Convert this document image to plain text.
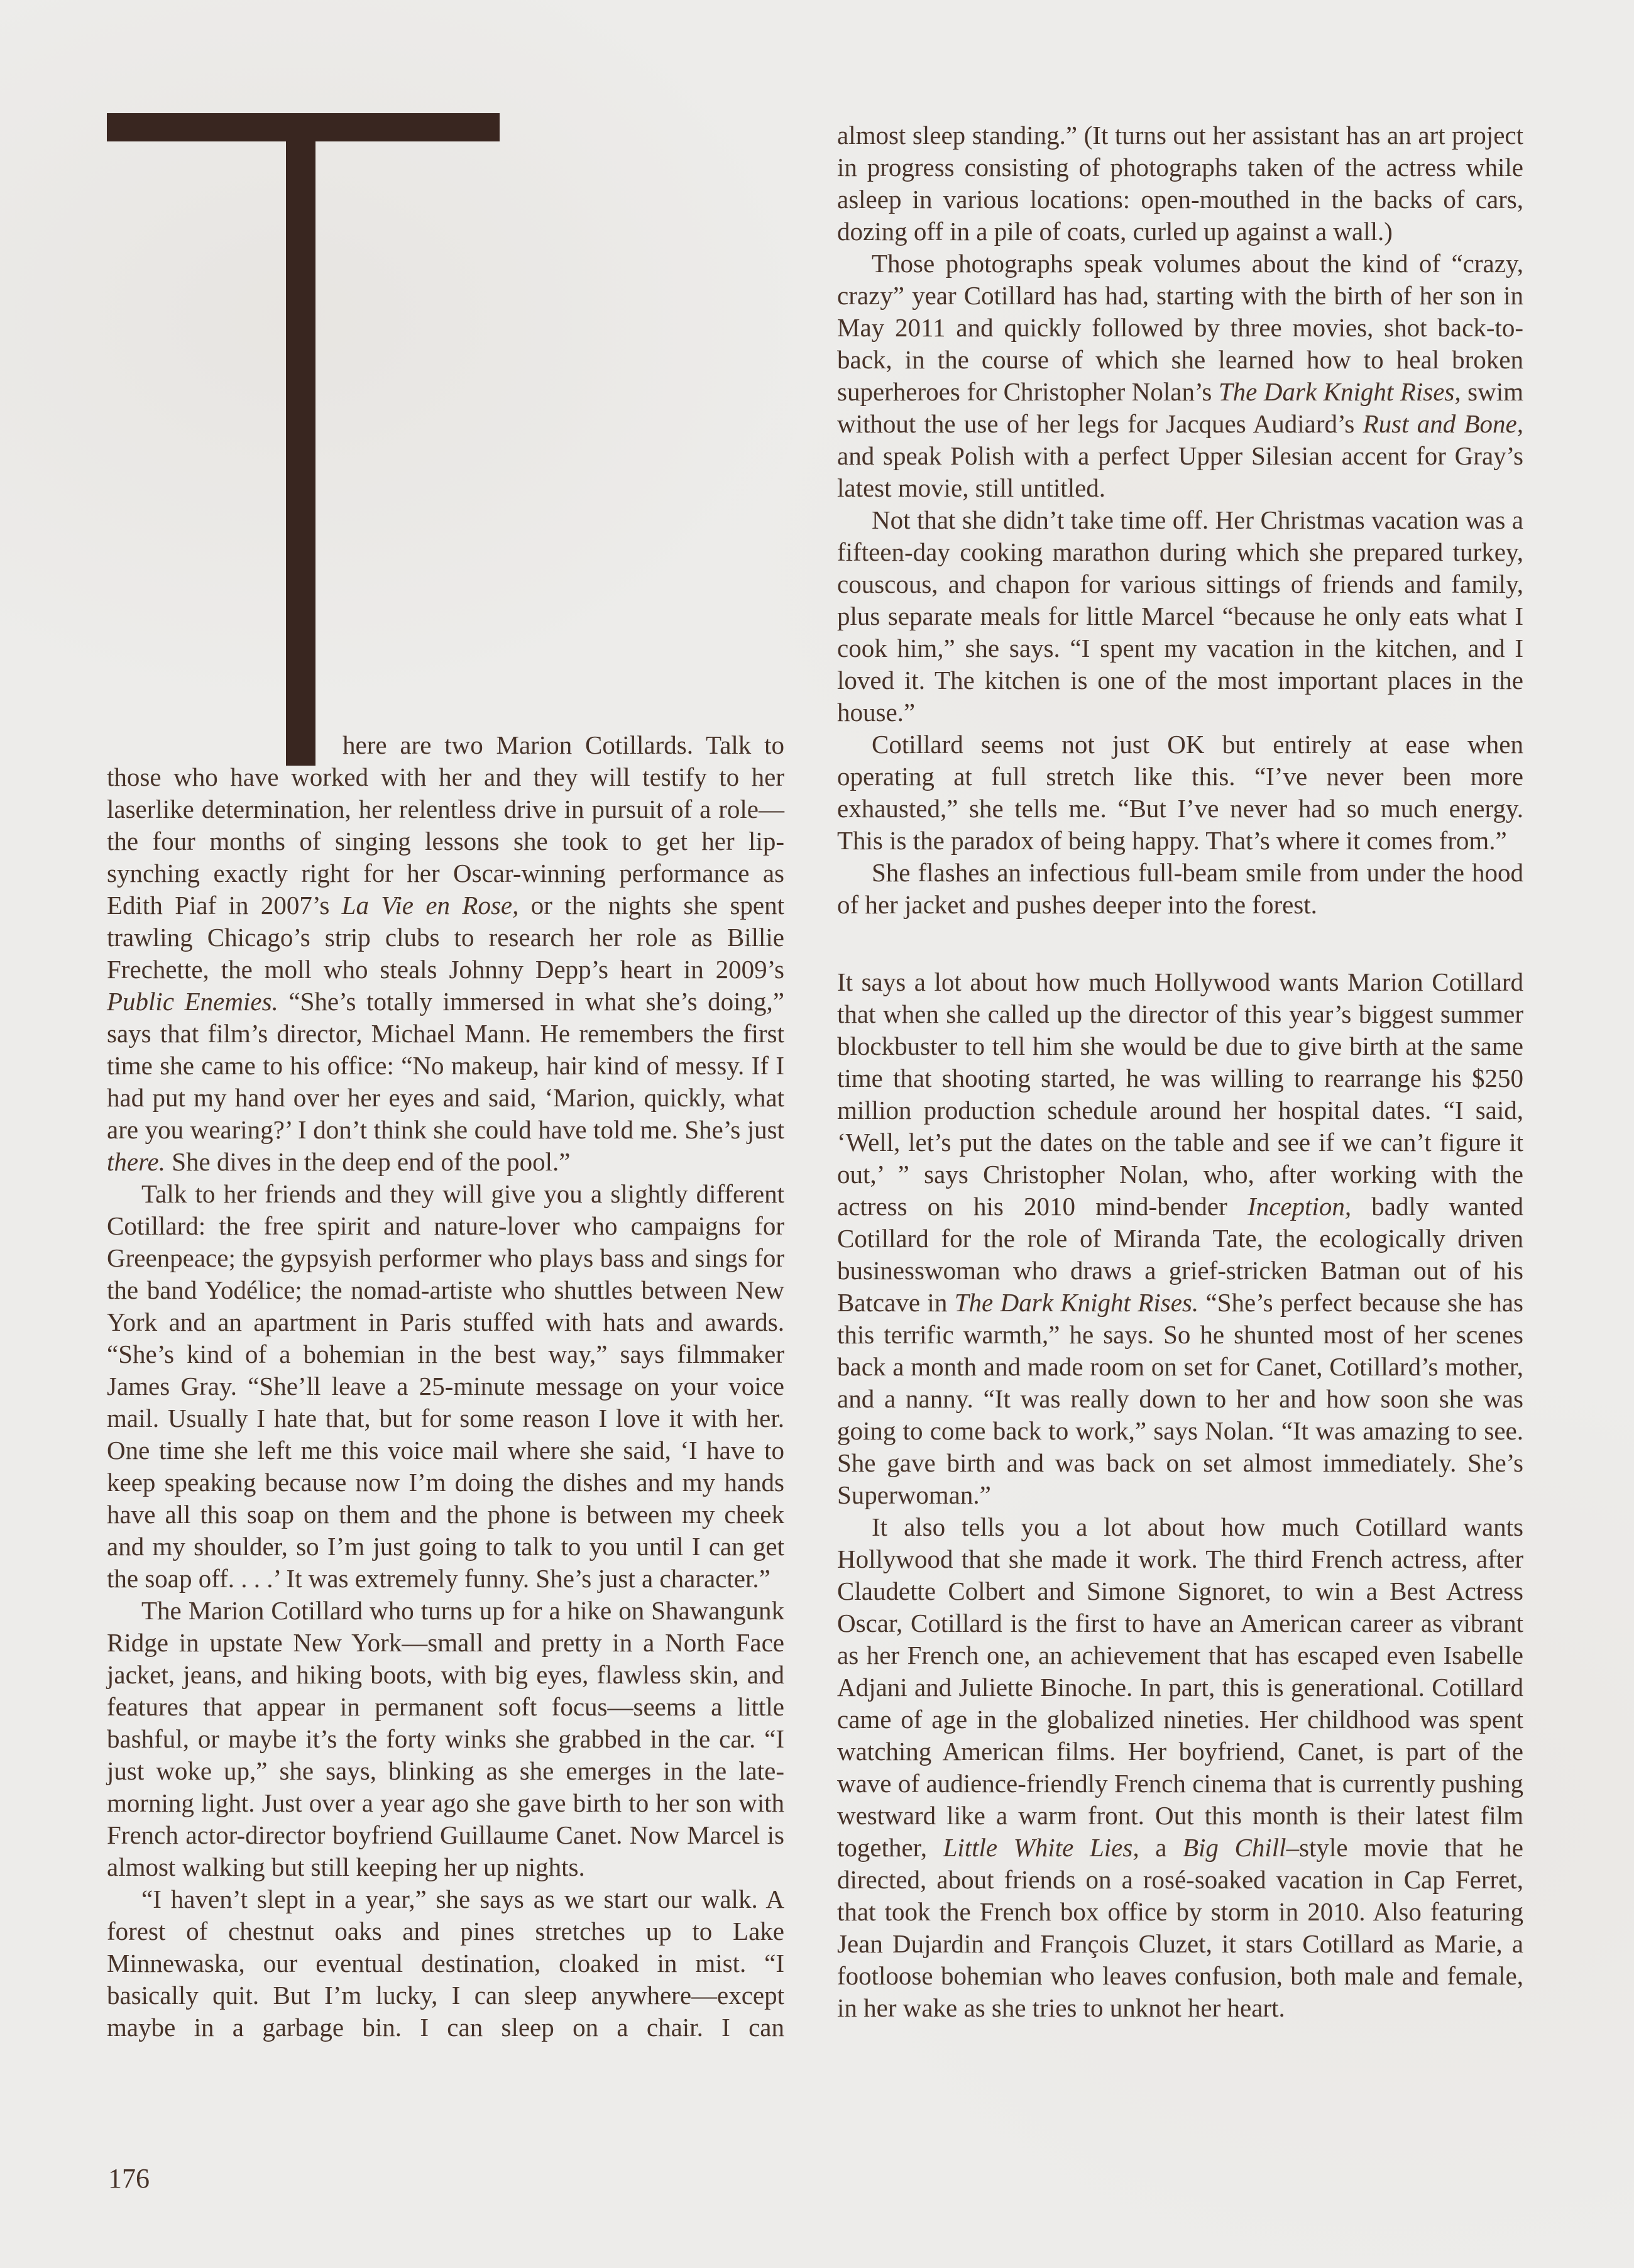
here are two Marion Cotillards. Talk to those who have worked with her and they will testify to her laserlike determination, her relentless drive in pursuit of a role—the four months of singing lessons she took to get her lip-synching exactly right for her Oscar-winning performance as Edith Piaf in 2007’s La Vie en Rose, or the nights she spent trawling Chicago’s strip clubs to research her role as Billie Frechette, the moll who steals Johnny Depp’s heart in 2009’s Public Enemies. “She’s totally immersed in what she’s doing,” says that film’s director, Michael Mann. He remembers the first time she came to his office: “No makeup, hair kind of messy. If I had put my hand over her eyes and said, ‘Marion, quickly, what are you wearing?’ I don’t think she could have told me. She’s just there. She dives in the deep end of the pool.”

Talk to her friends and they will give you a slightly different Cotillard: the free spirit and nature-lover who campaigns for Greenpeace; the gypsyish performer who plays bass and sings for the band Yodélice; the nomad-artiste who shuttles between New York and an apartment in Paris stuffed with hats and awards. “She’s kind of a bohemian in the best way,” says filmmaker James Gray. “She’ll leave a 25-minute message on your voice mail. Usually I hate that, but for some reason I love it with her. One time she left me this voice mail where she said, ‘I have to keep speaking because now I’m doing the dishes and my hands have all this soap on them and the phone is between my cheek and my shoulder, so I’m just going to talk to you until I can get the soap off. . . .’ It was extremely funny. She’s just a character.”

The Marion Cotillard who turns up for a hike on Shawangunk Ridge in upstate New York—small and pretty in a North Face jacket, jeans, and hiking boots, with big eyes, flawless skin, and features that appear in permanent soft focus—seems a little bashful, or maybe it’s the forty winks she grabbed in the car. “I just woke up,” she says, blinking as she emerges in the late-morning light. Just over a year ago she gave birth to her son with French actor-director boyfriend Guillaume Canet. Now Marcel is almost walking but still keeping her up nights.

“I haven’t slept in a year,” she says as we start our walk. A forest of chestnut oaks and pines stretches up to Lake Minnewaska, our eventual destination, cloaked in mist. “I basically quit. But I’m lucky, I can sleep anywhere—except maybe in a garbage bin. I can sleep on a chair. I can

almost sleep standing.” (It turns out her assistant has an art project in progress consisting of photographs taken of the actress while asleep in various locations: open-mouthed in the backs of cars, dozing off in a pile of coats, curled up against a wall.)

Those photographs speak volumes about the kind of “crazy, crazy” year Cotillard has had, starting with the birth of her son in May 2011 and quickly followed by three movies, shot back-to-back, in the course of which she learned how to heal broken superheroes for Christopher Nolan’s The Dark Knight Rises, swim without the use of her legs for Jacques Audiard’s Rust and Bone, and speak Polish with a perfect Upper Silesian accent for Gray’s latest movie, still untitled.

Not that she didn’t take time off. Her Christmas vacation was a fifteen-day cooking marathon during which she prepared turkey, couscous, and chapon for various sittings of friends and family, plus separate meals for little Marcel “because he only eats what I cook him,” she says. “I spent my vacation in the kitchen, and I loved it. The kitchen is one of the most important places in the house.”

Cotillard seems not just OK but entirely at ease when operating at full stretch like this. “I’ve never been more exhausted,” she tells me. “But I’ve never had so much energy. This is the paradox of being happy. That’s where it comes from.”

She flashes an infectious full-beam smile from under the hood of her jacket and pushes deeper into the forest.

It says a lot about how much Hollywood wants Marion Cotillard that when she called up the director of this year’s biggest summer blockbuster to tell him she would be due to give birth at the same time that shooting started, he was willing to rearrange his $250 million production schedule around her hospital dates. “I said, ‘Well, let’s put the dates on the table and see if we can’t figure it out,’ ” says Christopher Nolan, who, after working with the actress on his 2010 mind-bender Inception, badly wanted Cotillard for the role of Miranda Tate, the ecologically driven businesswoman who draws a grief-stricken Batman out of his Batcave in The Dark Knight Rises. “She’s perfect because she has this terrific warmth,” he says. So he shunted most of her scenes back a month and made room on set for Canet, Cotillard’s mother, and a nanny. “It was really down to her and how soon she was going to come back to work,” says Nolan. “It was amazing to see. She gave birth and was back on set almost immediately. She’s Superwoman.”

It also tells you a lot about how much Cotillard wants Hollywood that she made it work. The third French actress, after Claudette Colbert and Simone Signoret, to win a Best Actress Oscar, Cotillard is the first to have an American career as vibrant as her French one, an achievement that has escaped even Isabelle Adjani and Juliette Binoche. In part, this is generational. Cotillard came of age in the globalized nineties. Her childhood was spent watching American films. Her boyfriend, Canet, is part of the wave of audience-friendly French cinema that is currently pushing westward like a warm front. Out this month is their latest film together, Little White Lies, a Big Chill–style movie that he directed, about friends on a rosé-soaked vacation in Cap Ferret, that took the French box office by storm in 2010. Also featuring Jean Dujardin and François Cluzet, it stars Cotillard as Marie, a footloose bohemian who leaves confusion, both male and female, in her wake as she tries to unknot her heart.

176
